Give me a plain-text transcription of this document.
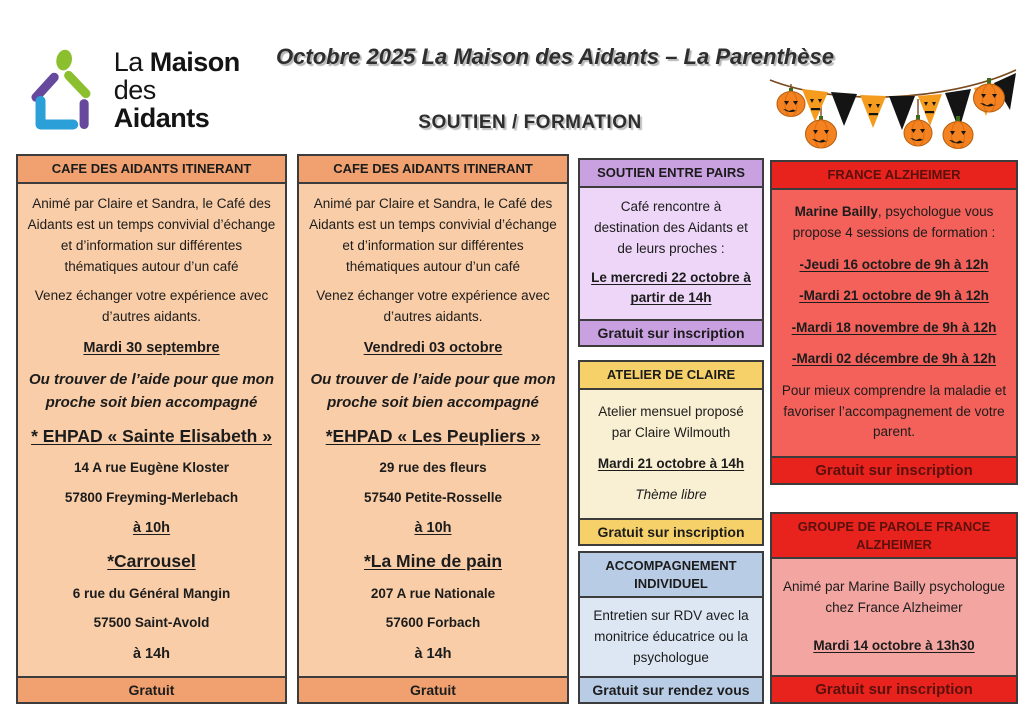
La Maison
des Aidants
Octobre 2025 La Maison des Aidants – La Parenthèse
SOUTIEN / FORMATION
CAFE DES AIDANTS ITINERANT

Animé par Claire et Sandra, le Café des Aidants est un temps convivial d’échange et d’information sur différentes thématiques autour d’un café

Venez échanger votre expérience avec d’autres aidants.

Mardi 30 septembre

Ou trouver de l’aide pour que mon proche soit bien accompagné

* EHPAD « Sainte Elisabeth »

14 A rue Eugène Kloster

57800 Freyming-Merlebach

à 10h

*Carrousel

6 rue du Général Mangin

57500 Saint-Avold

à 14h

Gratuit
CAFE DES AIDANTS ITINERANT

Animé par Claire et Sandra, le Café des Aidants est un temps convivial d’échange et d’information sur différentes thématiques autour d’un café

Venez échanger votre expérience avec d’autres aidants.

Vendredi 03 octobre

Ou trouver de l’aide pour que mon proche soit bien accompagné

*EHPAD « Les Peupliers »

29 rue des fleurs

57540 Petite-Rosselle

à 10h

*La Mine de pain

207 A rue Nationale

57600 Forbach

à 14h

Gratuit
SOUTIEN ENTRE PAIRS

Café rencontre à destination des Aidants et de leurs proches :

Le mercredi 22 octobre à partir de 14h

Gratuit sur inscription
ATELIER DE CLAIRE

Atelier mensuel proposé par Claire Wilmouth

Mardi 21 octobre à 14h

Thème libre

Gratuit sur inscription
ACCOMPAGNEMENT INDIVIDUEL

Entretien sur RDV avec la monitrice éducatrice ou la psychologue

Gratuit sur rendez vous
FRANCE ALZHEIMER

Marine Bailly, psychologue vous propose 4 sessions de formation :

-Jeudi 16 octobre de 9h à 12h

-Mardi 21 octobre de 9h à 12h

-Mardi 18 novembre de 9h à 12h

-Mardi 02 décembre de 9h à 12h

Pour mieux comprendre la maladie et favoriser l’accompagnement de votre parent.

Gratuit sur inscription
GROUPE DE PAROLE FRANCE ALZHEIMER

Animé par Marine Bailly psychologue chez France Alzheimer

Mardi 14 octobre à 13h30

Gratuit sur inscription
